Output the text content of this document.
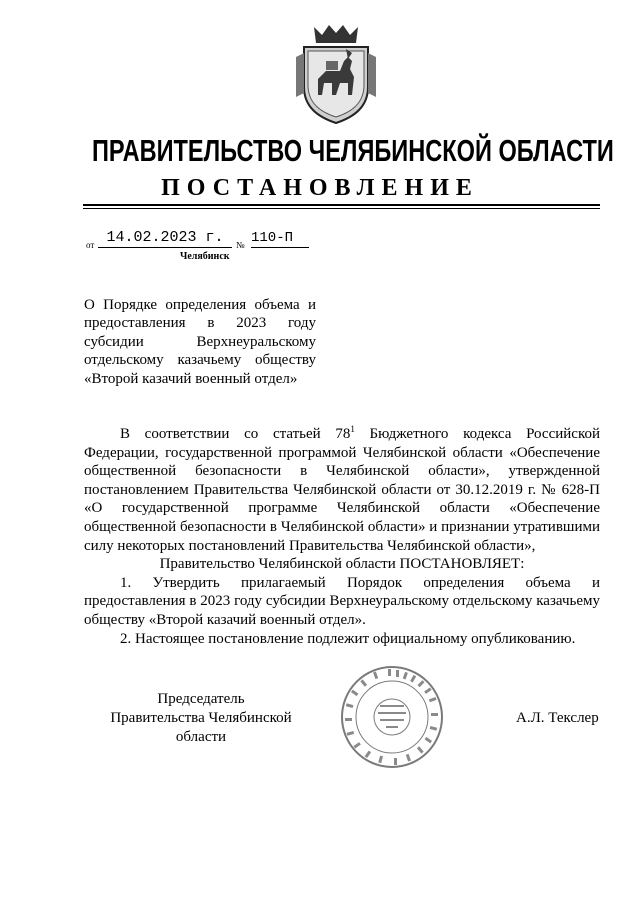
ПРАВИТЕЛЬСТВО ЧЕЛЯБИНСКОЙ ОБЛАСТИ
ПОСТАНОВЛЕНИЕ
от 14.02.2023 г.	№ 110-П
Челябинск
О Порядке определения объема и
предоставления в 2023 году
субсидии Верхнеуральскому
отдельскому казачьему обществу
«Второй казачий военный отдел»

В соответствии со статьей $78^1$ Бюджетного кодекса Российской Федерации, государственной программой Челябинской области «Обеспечение общественной безопасности в Челябинской области», утвержденной постановлением Правительства Челябинской области от 30.12.2019 г. № 628-П «О государственной программе Челябинской области «Обеспечение общественной безопасности в Челябинской области» и признании утратившими силу некоторых постановлений Правительства Челябинской области»,

Правительство Челябинской области ПОСТАНОВЛЯЕТ:

1. Утвердить прилагаемый Порядок определения объема и предоставления в 2023 году субсидии Верхнеуральскому отдельскому казачьему обществу «Второй казачий военный отдел».

2. Настоящее постановление подлежит официальному опубликованию.

Председатель
Правительства Челябинской области
А.Л. Текслер
